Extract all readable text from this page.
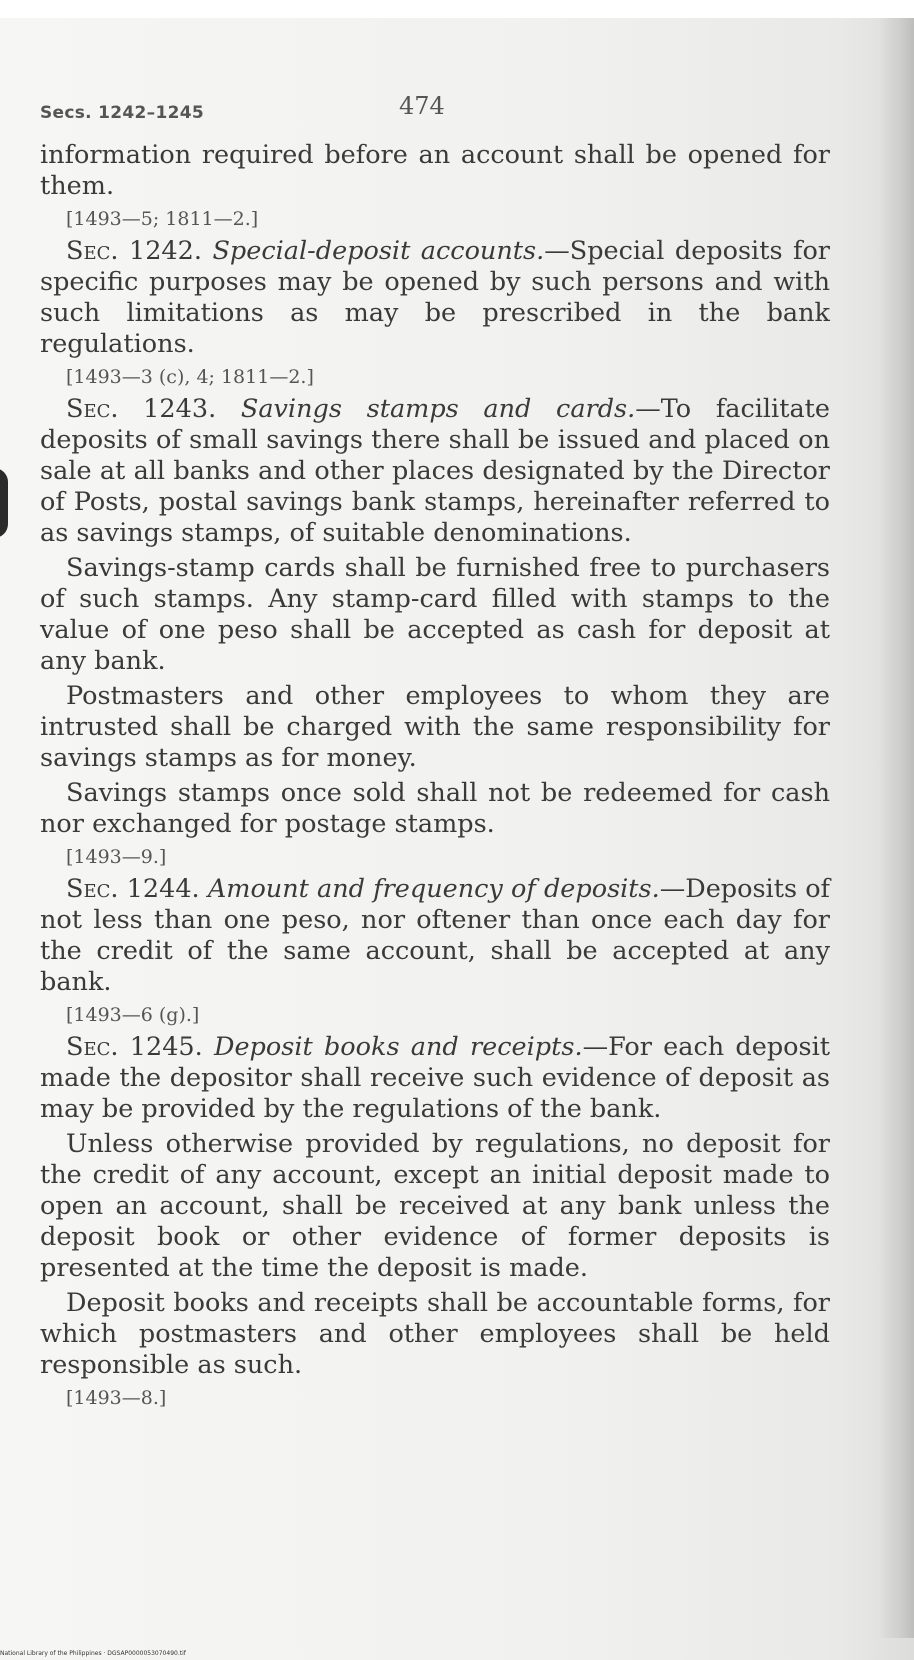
Secs. 1242–1245	474

information required before an account shall be opened for them.

[1493—5; 1811—2.]

Sec. 1242. Special-deposit accounts.—Special deposits for specific purposes may be opened by such persons and with such limitations as may be prescribed in the bank regulations.

[1493—3 (c), 4; 1811—2.]

Sec. 1243. Savings stamps and cards.—To facilitate deposits of small savings there shall be issued and placed on sale at all banks and other places designated by the Director of Posts, postal savings bank stamps, hereinafter referred to as savings stamps, of suitable denominations.

Savings-stamp cards shall be furnished free to purchasers of such stamps. Any stamp-card filled with stamps to the value of one peso shall be accepted as cash for deposit at any bank.

Postmasters and other employees to whom they are intrusted shall be charged with the same responsibility for savings stamps as for money.

Savings stamps once sold shall not be redeemed for cash nor exchanged for postage stamps.

[1493—9.]

Sec. 1244. Amount and frequency of deposits.—Deposits of not less than one peso, nor oftener than once each day for the credit of the same account, shall be accepted at any bank.

[1493—6 (g).]

Sec. 1245. Deposit books and receipts.—For each deposit made the depositor shall receive such evidence of deposit as may be provided by the regulations of the bank.

Unless otherwise provided by regulations, no deposit for the credit of any account, except an initial deposit made to open an account, shall be received at any bank unless the deposit book or other evidence of former deposits is presented at the time the deposit is made.

Deposit books and receipts shall be accountable forms, for which postmasters and other employees shall be held responsible as such.

[1493—8.]

National Library of the Philippines · DGSAP0000053070490.tif
